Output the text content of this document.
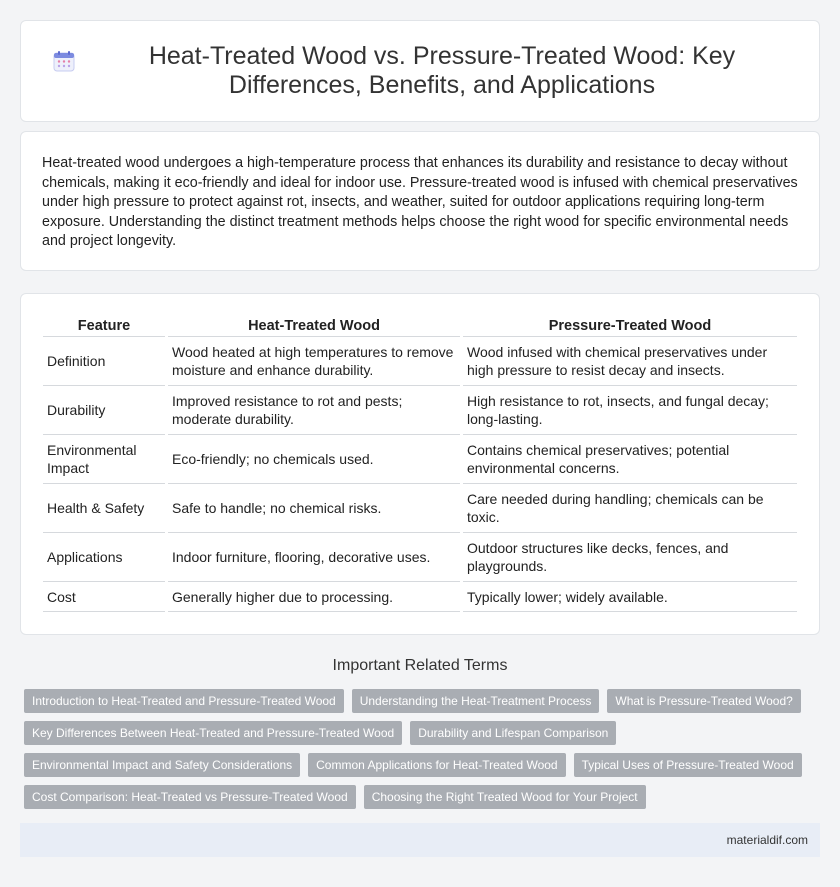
Heat-Treated Wood vs. Pressure-Treated Wood: Key Differences, Benefits, and Applications

Heat-treated wood undergoes a high-temperature process that enhances its durability and resistance to decay without chemicals, making it eco-friendly and ideal for indoor use. Pressure-treated wood is infused with chemical preservatives under high pressure to protect against rot, insects, and weather, suited for outdoor applications requiring long-term exposure. Understanding the distinct treatment methods helps choose the right wood for specific environmental needs and project longevity.

Feature	Heat-Treated Wood	Pressure-Treated Wood
Definition	Wood heated at high temperatures to remove moisture and enhance durability.	Wood infused with chemical preservatives under high pressure to resist decay and insects.
Durability	Improved resistance to rot and pests; moderate durability.	High resistance to rot, insects, and fungal decay; long-lasting.
Environmental Impact	Eco-friendly; no chemicals used.	Contains chemical preservatives; potential environmental concerns.
Health & Safety	Safe to handle; no chemical risks.	Care needed during handling; chemicals can be toxic.
Applications	Indoor furniture, flooring, decorative uses.	Outdoor structures like decks, fences, and playgrounds.
Cost	Generally higher due to processing.	Typically lower; widely available.
Important Related Terms
Introduction to Heat-Treated and Pressure-Treated Wood	Understanding the Heat-Treatment Process	What is Pressure-Treated Wood?
Key Differences Between Heat-Treated and Pressure-Treated Wood	Durability and Lifespan Comparison
Environmental Impact and Safety Considerations	Common Applications for Heat-Treated Wood	Typical Uses of Pressure-Treated Wood
Cost Comparison: Heat-Treated vs Pressure-Treated Wood	Choosing the Right Treated Wood for Your Project
materialdif.com
